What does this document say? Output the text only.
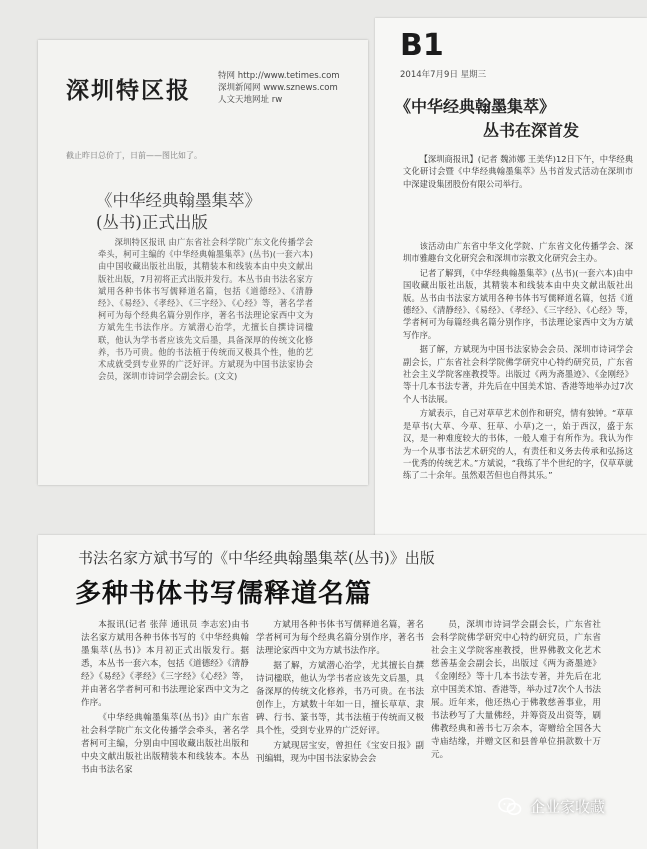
深圳特区报
特网 http://www.tetimes.com
深圳新闻网 www.sznews.com
人文天地网址 rw
截止昨日总价丁，日前——图比如了。
《中华经典翰墨集萃》
(丛书)正式出版
深圳特区报讯 由广东省社会科学院广东文化传播学会牵头，柯可主编的《中华经典翰墨集萃》(丛书)(一套六本)由中国收藏出版社出版，其精装本和线装本由中央文献出版社出版，7月初将正式出版并发行。本丛书由书法名家方斌用各种书体书写儒释道名篇，包括《道德经》、《清静经》、《易经》、《孝经》、《三字经》、《心经》等，著名学者柯可为每个经典名篇分别作序，著名书法理论家西中文为方斌先生书法作序。方斌潜心治学，尤擅长自撰诗词楹联，他认为学书者应该先文后墨，具备深厚的传统文化修养，书乃可贵。他的书法植于传统而又极具个性，他的艺术成就受到专业界的广泛好评。方斌现为中国书法家协会会员，深圳市诗词学会副会长。(文文)
B1
2014年7月9日 星期三
《中华经典翰墨集萃》
丛书在深首发
【深圳商报讯】(记者 魏沛娜 王美华)12日下午，中华经典文化研讨会暨《中华经典翰墨集萃》丛书首发式活动在深圳市中深建设集团股份有限公司举行。

该活动由广东省中华文化学院、广东省文化传播学会、深圳市雅趣台文化研究会和深圳市宗教文化研究会主办。

记者了解到，《中华经典翰墨集萃》(丛书)(一套六本)由中国收藏出版社出版，其精装本和线装本由中央文献出版社出版。丛书由书法家方斌用各种书体书写儒释道名篇，包括《道德经》、《清静经》、《易经》、《孝经》、《三字经》、《心经》等，学者柯可为每篇经典名篇分别作序，书法理论家西中文为方斌写作序。

据了解，方斌现为中国书法家协会会员、深圳市诗词学会副会长，广东省社会科学院佛学研究中心特约研究员，广东省社会主义学院客座教授等。出版过《两为斋墨迹》、《金刚经》等十几本书法专著，并先后在中国美术馆、香港等地举办过7次个人书法展。

方斌表示，自己对草草艺术创作和研究，情有独钟。“草草是草书(大草、今草、狂草、小草)之一，始于西汉，盛于东汉，是一种难度较大的书体，一般人难于有所作为。我认为作为一个从事书法艺术研究的人，有责任和义务去传承和弘扬这一优秀的传统艺术。”方斌说，“我练了半个世纪的字，仅草草就练了二十余年。虽然艰苦但也自得其乐。”

书法名家方斌书写的《中华经典翰墨集萃(丛书)》出版
多种书体书写儒释道名篇

本报讯(记者 张萍 通讯员 李志宏)由书法名家方斌用各种书体书写的《中华经典翰墨集萃(丛书)》本月初正式出版发行。据悉，本丛书一套六本，包括《道德经》《清静经》《易经》《孝经》《三字经》《心经》等，并由著名学者柯可和书法理论家西中文为之作序。

《中华经典翰墨集萃(丛书)》由广东省社会科学院广东文化传播学会牵头，著名学者柯可主编，分别由中国收藏出版社出版和中央文献出版社出版精装本和线装本。本丛书由书法名家

方斌用各种书体书写儒释道名篇，著名学者柯可为每个经典名篇分别作序，著名书法理论家西中文为方斌书法作序。

据了解，方斌潜心治学，尤其擅长自撰诗词楹联，他认为学书者应该先文后墨，具备深厚的传统文化修养，书乃可贵。在书法创作上，方斌数十年如一日，擅长草草、隶碑、行书、篆书等，其书法植于传统而又极具个性，受到专业界的广泛好评。

方斌现居宝安，曾担任《宝安日报》副刊编辑，现为中国书法家协会会

员，深圳市诗词学会副会长，广东省社会科学院佛学研究中心特约研究员，广东省社会主义学院客座教授，世界佛教文化艺术慈善基金会副会长，出版过《两为斋墨迹》《金刚经》等十几本书法专著，并先后在北京中国美术馆、香港等，举办过7次个人书法展。近年来，他还热心于佛教慈善事业，用书法秒写了大量佛经，并筹资及出资等，刷佛教经典和善书七万余本，寄赠给全国各大寺庙结缘，并赠文区和县普单位捐款数十万元。

企业家收藏
